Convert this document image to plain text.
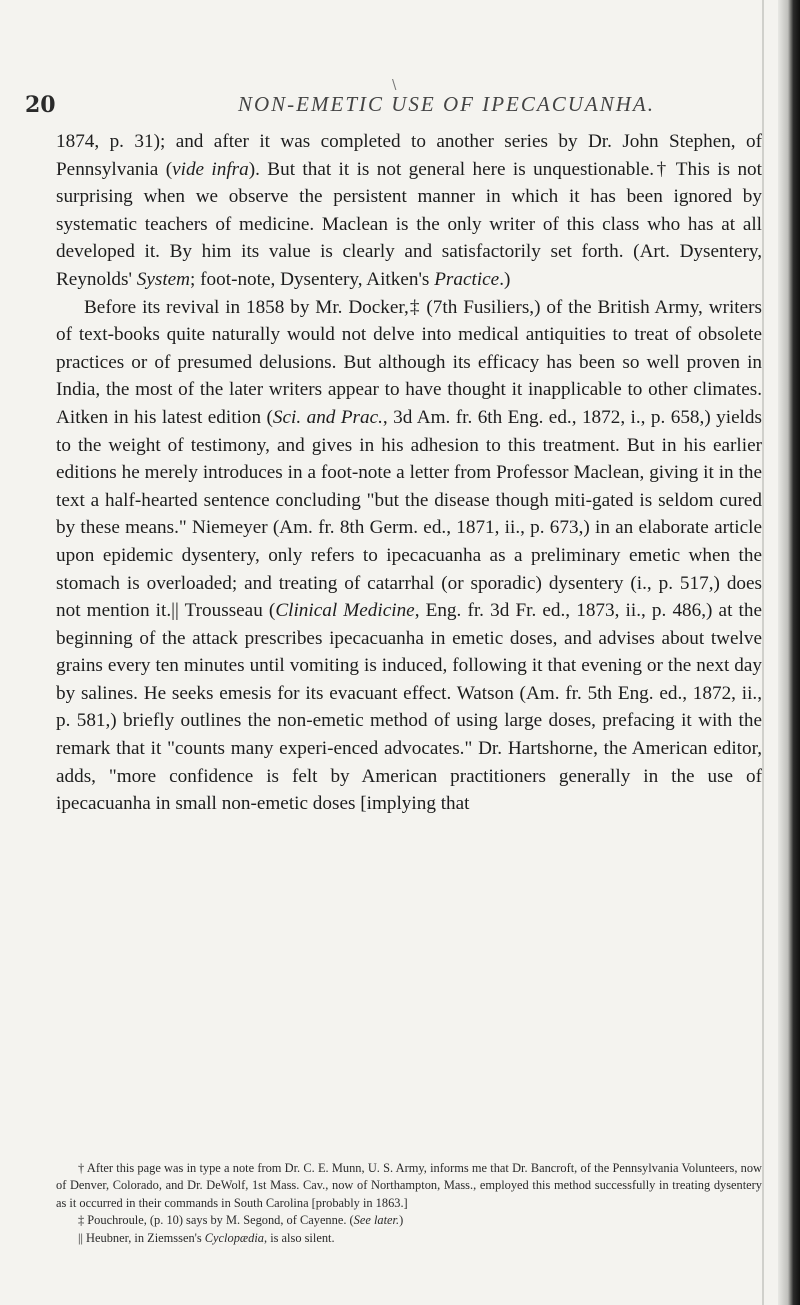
\
20	NON-EMETIC USE OF IPECACUANHA.

1874, p. 31); and after it was completed to another series by Dr. John Stephen, of Pennsylvania (vide infra). But that it is not general here is unquestionable.† This is not surprising when we observe the persistent manner in which it has been ignored by systematic teachers of medicine. Maclean is the only writer of this class who has at all developed it. By him its value is clearly and satisfactorily set forth. (Art. Dysentery, Reynolds' System; foot-note, Dysentery, Aitken's Practice.)

Before its revival in 1858 by Mr. Docker,‡ (7th Fusiliers,) of the British Army, writers of text-books quite naturally would not delve into medical antiquities to treat of obsolete practices or of presumed delusions. But although its efficacy has been so well proven in India, the most of the later writers appear to have thought it inapplicable to other climates. Aitken in his latest edition (Sci. and Prac., 3d Am. fr. 6th Eng. ed., 1872, i., p. 658,) yields to the weight of testimony, and gives in his adhesion to this treatment. But in his earlier editions he merely introduces in a foot-note a letter from Professor Maclean, giving it in the text a half-hearted sentence concluding "but the disease though miti-gated is seldom cured by these means." Niemeyer (Am. fr. 8th Germ. ed., 1871, ii., p. 673,) in an elaborate article upon epidemic dysentery, only refers to ipecacuanha as a preliminary emetic when the stomach is overloaded; and treating of catarrhal (or sporadic) dysentery (i., p. 517,) does not mention it.|| Trousseau (Clinical Medicine, Eng. fr. 3d Fr. ed., 1873, ii., p. 486,) at the beginning of the attack prescribes ipecacuanha in emetic doses, and advises about twelve grains every ten minutes until vomiting is induced, following it that evening or the next day by salines. He seeks emesis for its evacuant effect. Watson (Am. fr. 5th Eng. ed., 1872, ii., p. 581,) briefly outlines the non-emetic method of using large doses, prefacing it with the remark that it "counts many experi-enced advocates." Dr. Hartshorne, the American editor, adds, "more confidence is felt by American practitioners generally in the use of ipecacuanha in small non-emetic doses [implying that

† After this page was in type a note from Dr. C. E. Munn, U. S. Army, informs me that Dr. Bancroft, of the Pennsylvania Volunteers, now of Denver, Colorado, and Dr. DeWolf, 1st Mass. Cav., now of Northampton, Mass., employed this method successfully in treating dysentery as it occurred in their commands in South Carolina [probably in 1863.]

‡ Pouchroule, (p. 10) says by M. Segond, of Cayenne. (See later.)

|| Heubner, in Ziemssen's Cyclopædia, is also silent.
